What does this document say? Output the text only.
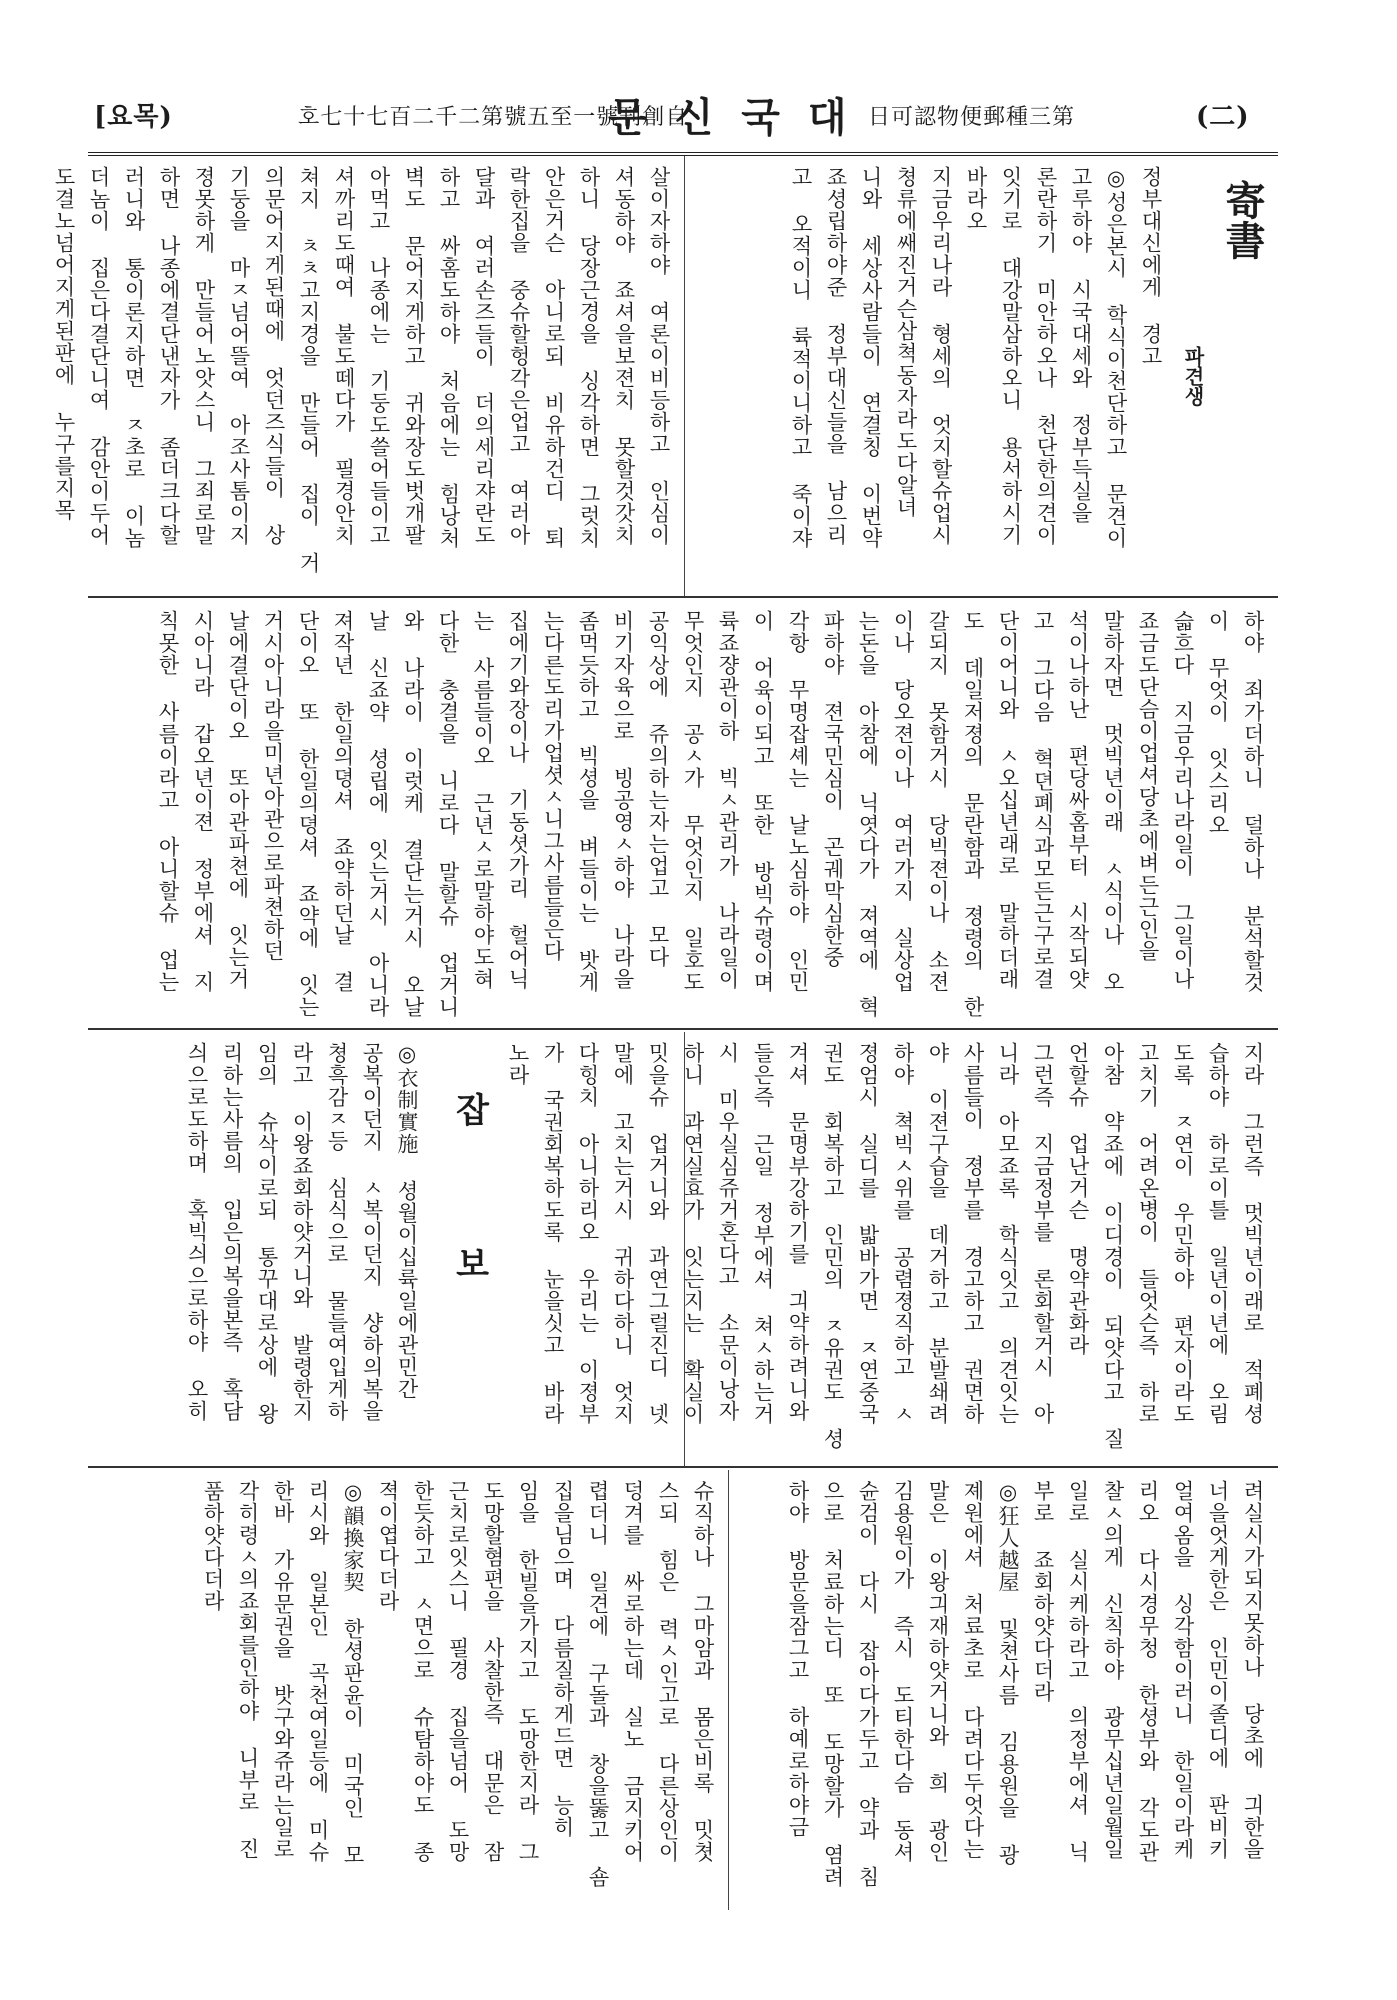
[요목)	호七十七百二千二第號五至一號刊創自
문신국대
日可認物便郵種三第	(二)
寄書
파견생
정부대신에게 경고
◎성은본시 학식이천단하고 문견이
고루하야 시국대세와 정부득실을
론란하기 미안하오나 천단한의견이
잇기로 대강말삼하오니 용서하시기
바라오
지금우리나라 형세의 엇지할슈업시
쳥류에쌔진거슨삼쳑동자라도다알녀
니와 세상사람들이 연결칭 이번약
죠셩립하야준 정부대신들을 남으리
고 오적이니 륙적이니하고 죽이쟈
살이자하야 여론이비등하고 인심이
셔동하야 죠셔을보젼치 못할것갓치
하니 당장근경을 싱각하면 그럿치
안은거슨 아니로되 비유하건디 퇴
락한집을 중슈할헝각은업고 여러아
달과 여러손즈들이 더의세리쟈란도
하고 싸홈도하야 처음에는 힘낭처
벽도 문어지게하고 귀와장도벗개팔
아먹고 나종에는 기둥도쓸어들이고
셔까리도때여 불도떼다가 필경안치
쳐지 ㅊㅊ고지경을 만들어 집이 거
의문어지게된때에 엇던즈식들이 상
기둥을 마ㅈ넘어뜰여 아조사톰이지
졍못하게 만들어노앗스니 그죄로말
하면 나종에결단낸자가 좀더크다할
러니와 통이론지하면 ㅈ초로 이놈
더놈이 집은다결단니여 감안이두어
도결노넘어지게된판에 누구를지목
하야 죄가더하니 덜하나 분석할것
이 무엇이 잇스리오
슯흐다 지금우리나라일이 그일이나
죠금도단슴이업셔당초에벼든근인을
말하자면 멋빅년이래 ㅅ식이나 오
석이나하난 편당싸홈부터 시작되얏
고 그다음 혁뎐폐식과모든근구로결
단이어니와 ㅅ오십년래로 말하더래
도 데일저졍의 문란함과 졍령의 한
갈되지 못함거시 당빅젼이나 소젼
이나 당오젼이나 여러가지 실상업
는돈을 아참에 닉엿다가 져역에 혁
파하야 젼국민심이 곤궤막심한중
각항 무명잡셰는 날노심하야 인민
이 어육이되고 또한 방빅슈령이며
륙죠쟝관이하 빅ㅅ관리가 나라일이
무엇인지 공ㅅ가 무엇인지 일호도
공익상에 쥬의하는자는업고 모다
비기자육으로 빙공영ㅅ하야 나라을
좀먹듯하고 빅셩을 벼들이는 밧게
는다른도리가업셧ㅅ니그사름들은다
집에기와장이나 기동셧가리 헐어닉
는 사름들이오 근년ㅅ로말하야도혀
다한 충결을 니로다 말할슈 업거니
와 나라이 이럿케 결단는거시 오날
날 신죠약 셩립에 잇는거시 아니라
져작년 한일의뎡셔 죠약하던날 결
단이오 또 한일의뎡셔 죠약에 잇는
거시아니라을미년아관으로파쳔하던
날에결단이오 또아관파쳔에 잇는거
시아니라 갑오년이젼 정부에셔 지
칙못한 사름이라고 아니할슈 업는
지라 그런즉 멋빅년이래로 적폐셩
습하야 하로이틀 일년이년에 오림
도록 ㅈ연이 우민하야 편자이라도
고치기 어려온병이 들엇슨즉 하로
아참 약죠에 이디경이 되얏다고 질
언할슈 업난거슨 명약관화라
그런즉 지금정부를 론회할거시 아
니라 아모죠록 학식잇고 의견잇는
사름들이 졍부를 경고하고 권면하
야 이젼구습을 데거하고 분발쇄려
하야 쳑빅ㅅ위를 공렴졍직하고 ㅅ
졍엄시 실디를 밟바가면 ㅈ연중국
권도 회복하고 인민의 ㅈ유권도 셩
겨셔 문명부강하기를 긔약하려니와
들은즉 근일 정부에셔 쳐ㅅ하는거
시 미우실심쥬거혼다고 소문이낭자
하니 과연실효가 잇는지는 확실이
밋을슈 업거니와 과연그럴진디 넷
말에 고치는거시 귀하다하니 엇지
다힝치 아니하리오 우리는 이졍부
가 국권회복하도록 눈을싯고 바라
노라
잡 보
◎衣制實施 셩월이십륙일에관민간
공복이던지 ㅅ복이던지 샹하의복을
쳥흑감ㅈ등 심식으로 물들여입게하
라고 이왕죠회하얏거니와 발령한지
임의 슈삭이로되 통꾸대로상에 왕
리하는사름의 입은의복을본즉 혹담
싀으로도하며 혹빅싀으로하야 오히
려실시가되지못하나 당초에 긔한을
너을엇게한은 인민이졸디에 판비키
얼여옴을 싱각함이러니 한일이라케
리오 다시경무청 한셩부와 각도관
찰ㅅ의게 신칙하야 광무십년일월일
일로 실시케하라고 의정부에셔 닉
부로 죠회하얏다더라
◎狂人越屋 및쳔사름 김용원을 광
졔원에셔 처료초로 다려다두엇다는
말은 이왕긔재하얏거니와 희 광인
김용원이가 즉시 도티한다슴 동셔
슌검이 다시 잡아다가두고 약과 침
으로 처료하는디 또 도망할가 염려
하야 방문을잠그고 하예로하야금
슈직하나 그마암과 몸은비록 밋쳣
스되 힘은 력ㅅ인고로 다른상인이
덩겨를 싸로하는데 실노 금지키어
렵더니 일견에 구돌과 창을뚫고 숌
집을님으며 다름질하게드면 능히
임을 한빌을가지고 도망한지라 그
도망할혐편을 사찰한즉 대문은 잠
근치로잇스니 필경 집을넘어 도망
한듯하고 ㅅ면으로 슈탐하야도 종
젹이엽다더라
◎韻換家契 한셩판윤이 미국인 모
리시와 일본인 곡천여일등에 미슈
한바 가유문권을 밧구와쥬라는일로
각히령ㅅ의죠회를인하야 니부로 진
품하얏다더라
